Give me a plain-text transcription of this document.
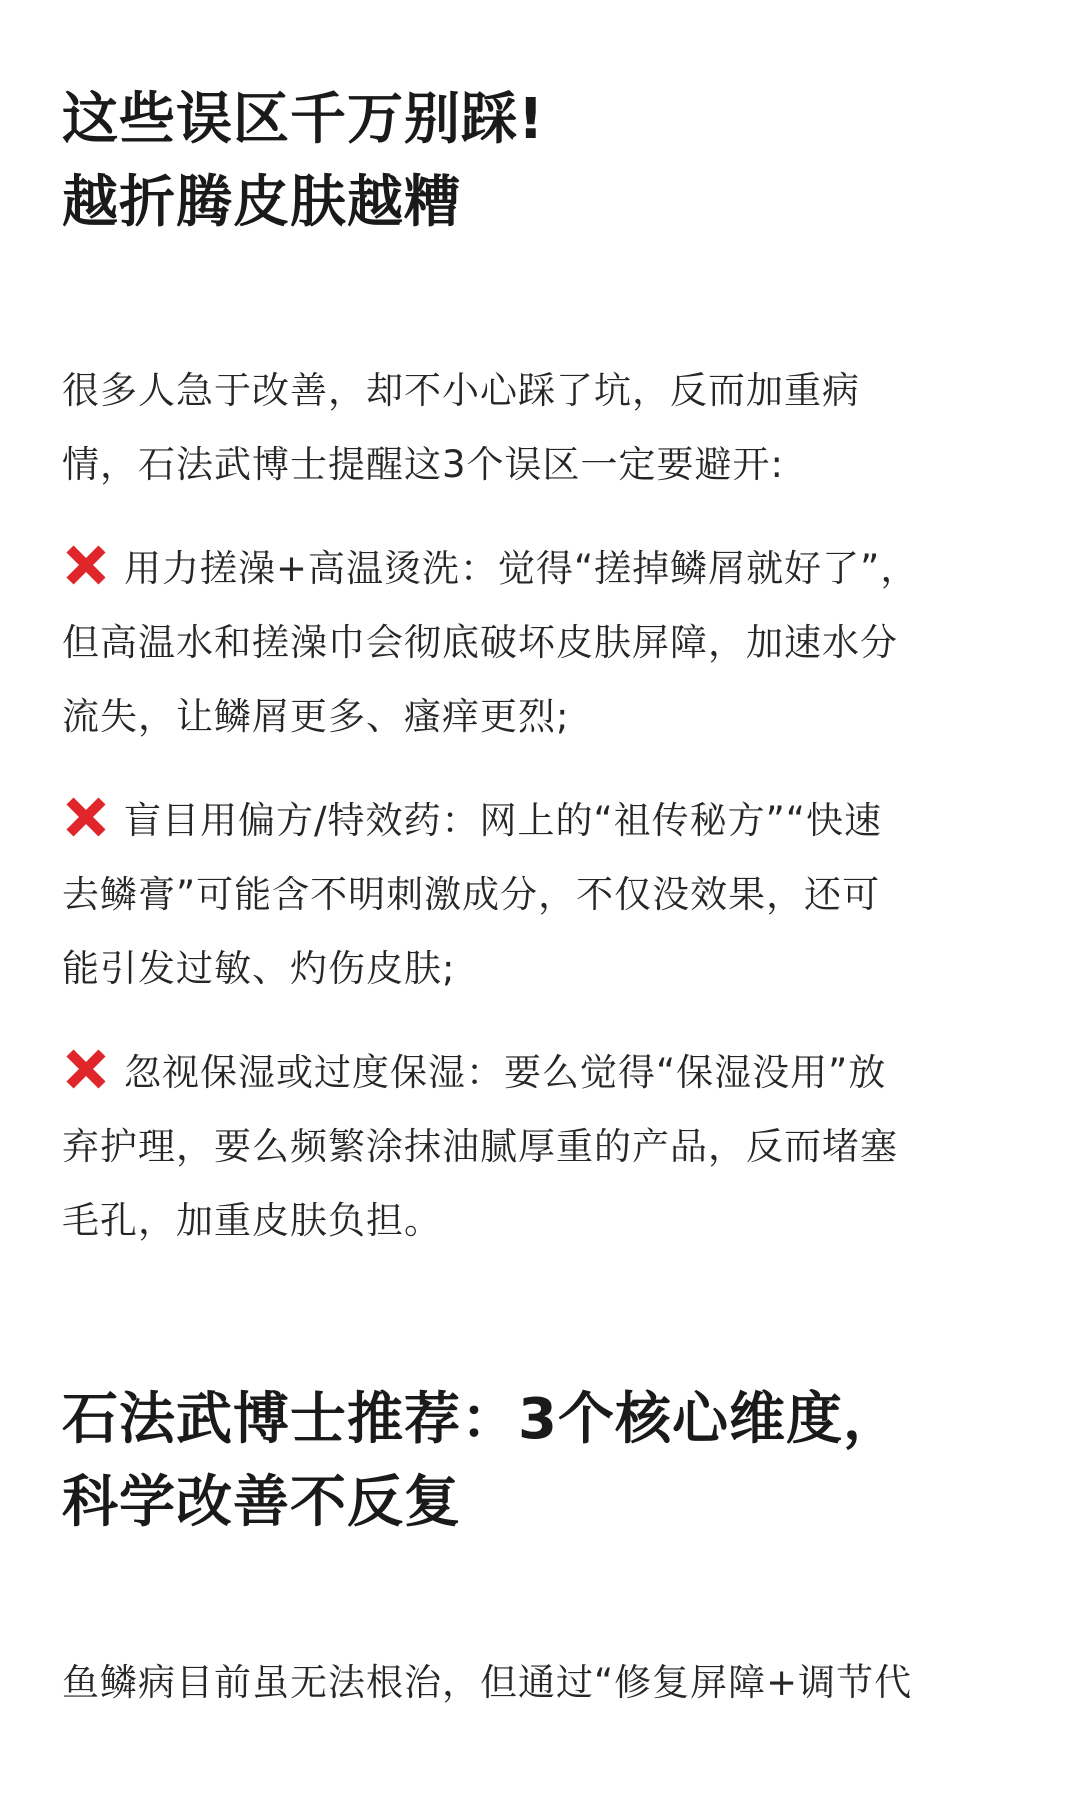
这些误区千万别踩!
越折腾皮肤越糟

很多人急于改善，却不小心踩了坑，反而加重病
情，石法武博士提醒这3个误区一定要避开:

用力搓澡+高温烫洗：觉得“搓掉鳞屑就好了”，
但高温水和搓澡巾会彻底破坏皮肤屏障，加速水分
流失，让鳞屑更多、瘙痒更烈;

盲目用偏方/特效药：网上的“祖传秘方”“快速
去鳞膏”可能含不明刺激成分，不仅没效果，还可
能引发过敏、灼伤皮肤;

忽视保湿或过度保湿：要么觉得“保湿没用”放
弃护理，要么频繁涂抹油腻厚重的产品，反而堵塞
毛孔，加重皮肤负担。

石法武博士推荐：3个核心维度，
科学改善不反复

鱼鳞病目前虽无法根治，但通过“修复屏障+调节代
